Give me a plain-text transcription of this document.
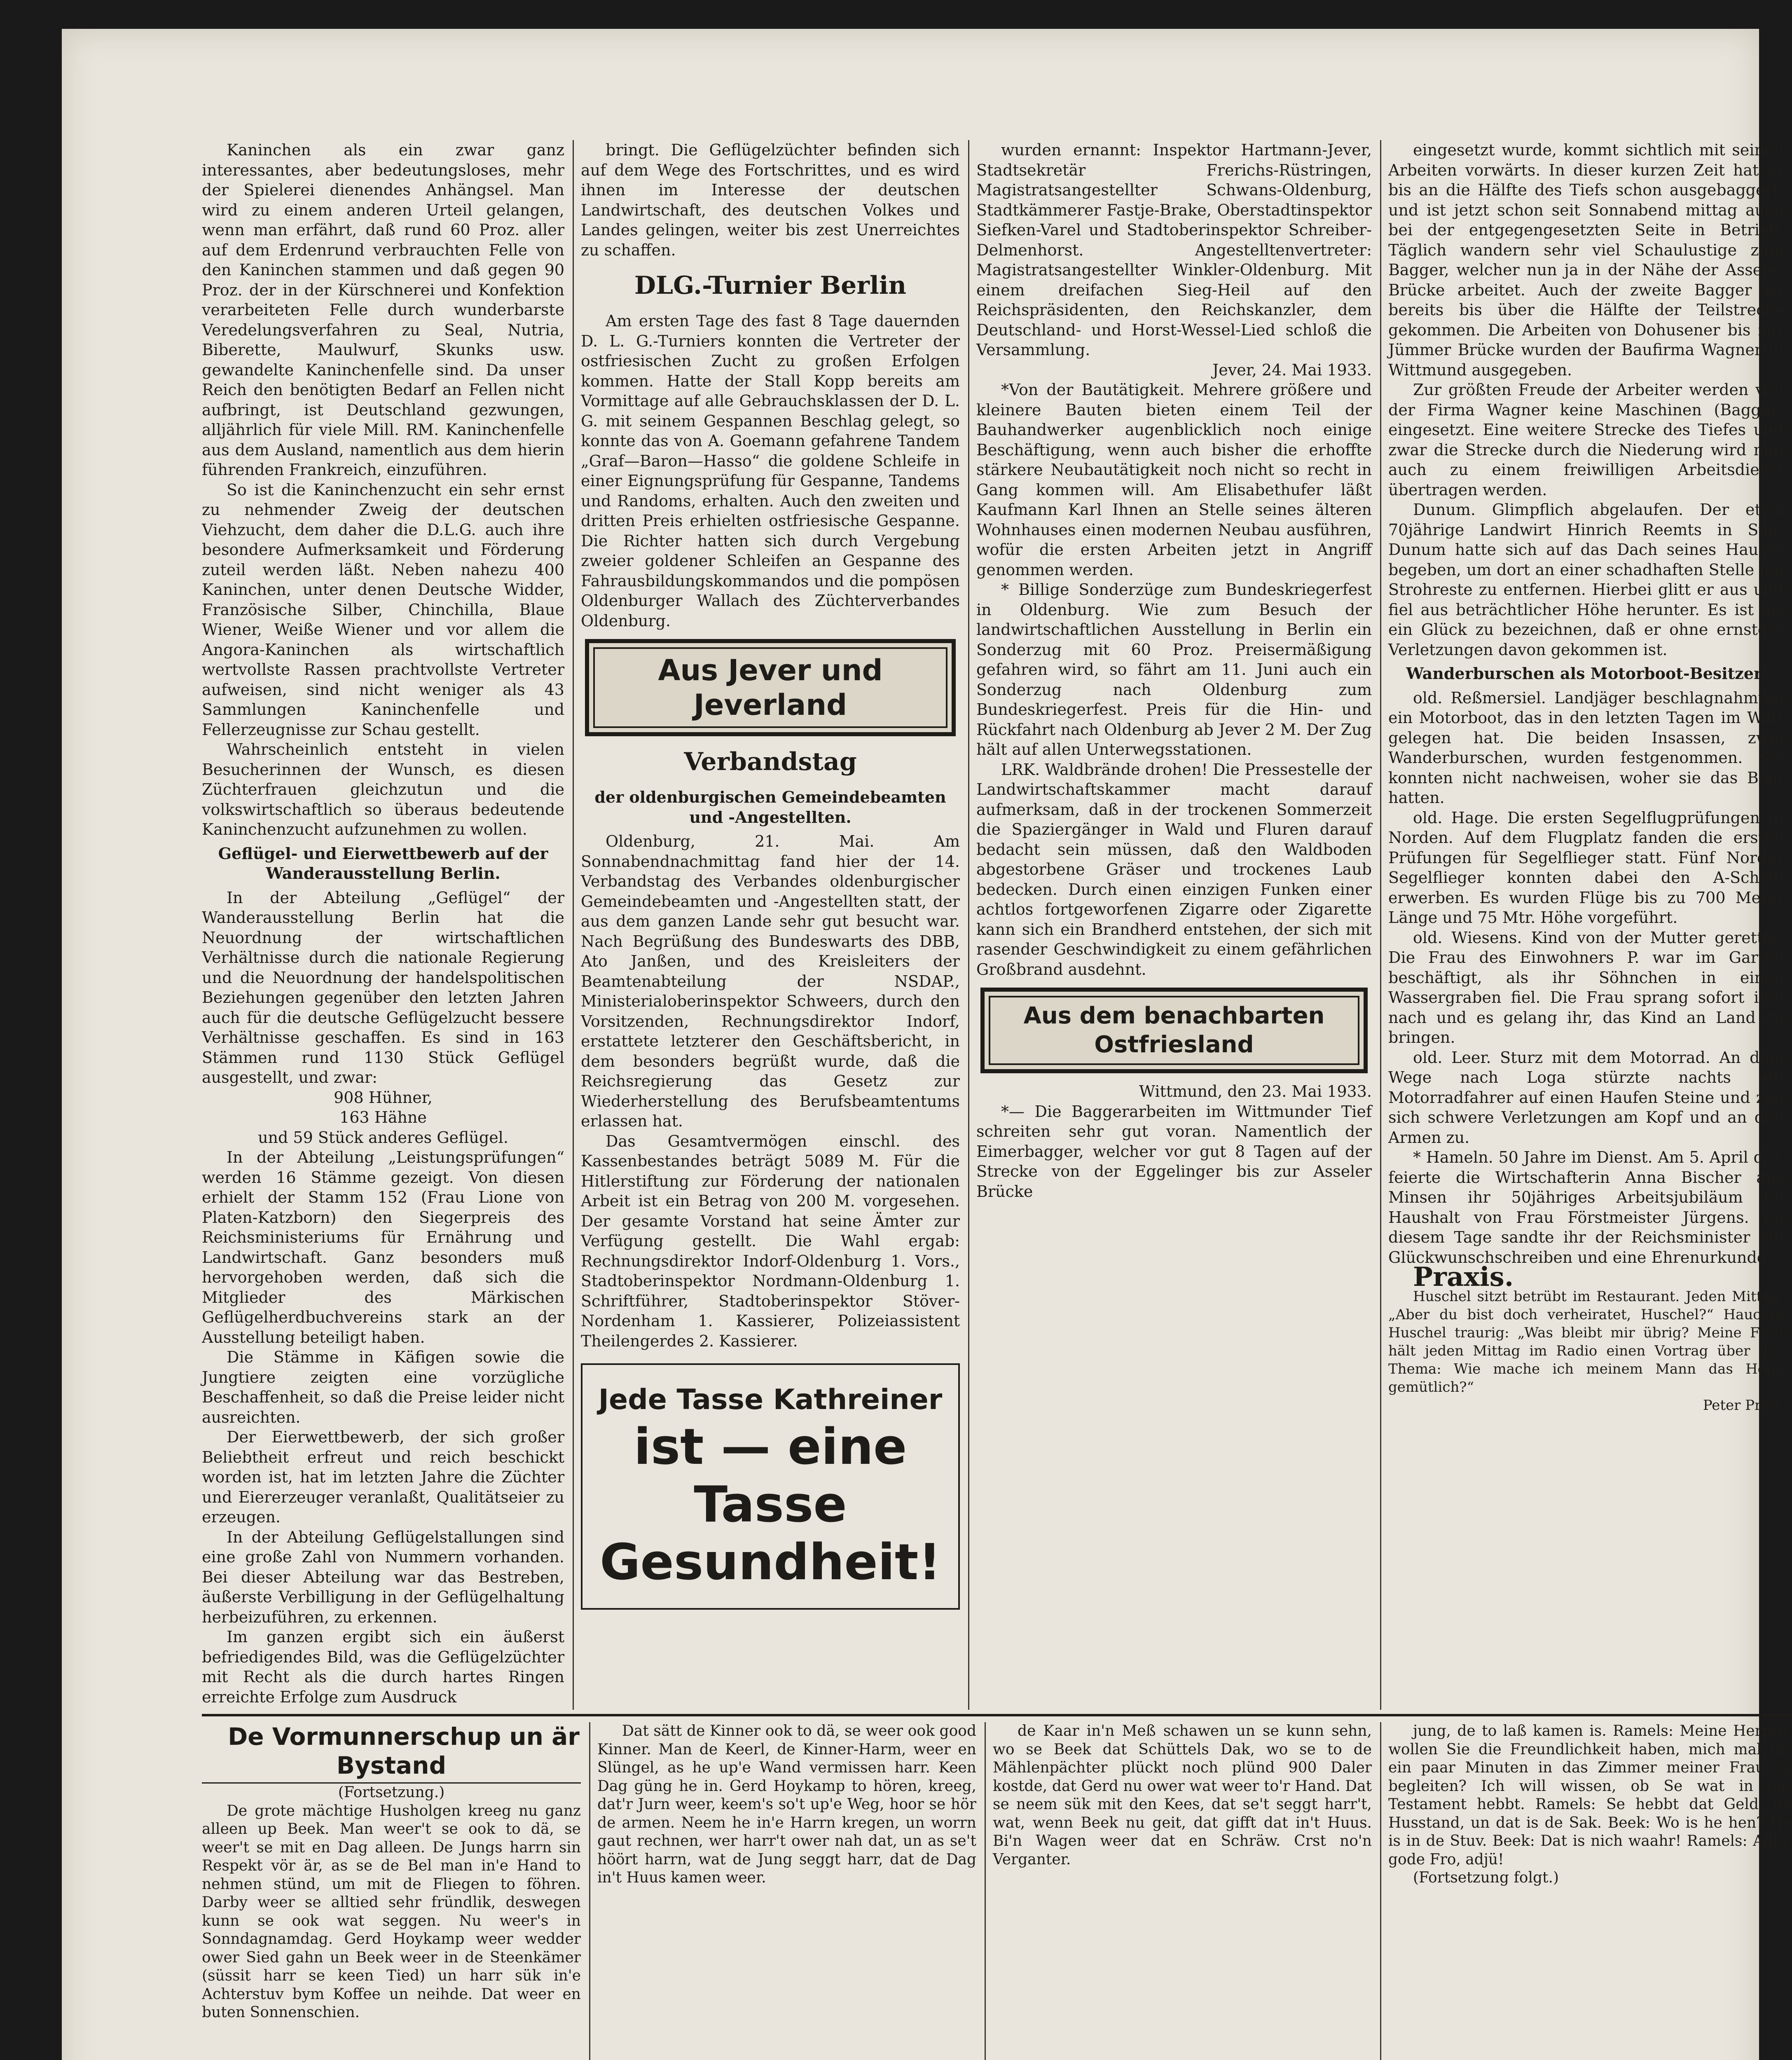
Kaninchen als ein zwar ganz interessantes, aber bedeutungsloses, mehr der Spielerei dienendes Anhängsel. Man wird zu einem anderen Urteil gelangen, wenn man erfährt, daß rund 60 Proz. aller auf dem Erdenrund verbrauchten Felle von den Kaninchen stammen und daß gegen 90 Proz. der in der Kürschnerei und Konfektion verarbeiteten Felle durch wunderbarste Veredelungsverfahren zu Seal, Nutria, Biberette, Maulwurf, Skunks usw. gewandelte Kaninchenfelle sind. Da unser Reich den benötigten Bedarf an Fellen nicht aufbringt, ist Deutschland gezwungen, alljährlich für viele Mill. RM. Kaninchenfelle aus dem Ausland, namentlich aus dem hierin führenden Frankreich, einzuführen.

So ist die Kaninchenzucht ein sehr ernst zu nehmender Zweig der deutschen Viehzucht, dem daher die D.L.G. auch ihre besondere Aufmerksamkeit und Förderung zuteil werden läßt. Neben nahezu 400 Kaninchen, unter denen Deutsche Widder, Französische Silber, Chinchilla, Blaue Wiener, Weiße Wiener und vor allem die Angora-Kaninchen als wirtschaftlich wertvollste Rassen prachtvollste Vertreter aufweisen, sind nicht weniger als 43 Sammlungen Kaninchenfelle und Fellerzeugnisse zur Schau gestellt.

Wahrscheinlich entsteht in vielen Besucherinnen der Wunsch, es diesen Züchterfrauen gleichzutun und die volkswirtschaftlich so überaus bedeutende Kaninchenzucht aufzunehmen zu wollen.

Geflügel- und Eierwettbewerb auf der Wanderausstellung Berlin.

In der Abteilung „Geflügel“ der Wanderausstellung Berlin hat die Neuordnung der wirtschaftlichen Verhältnisse durch die nationale Regierung und die Neuordnung der handelspolitischen Beziehungen gegenüber den letzten Jahren auch für die deutsche Geflügelzucht bessere Verhältnisse geschaffen. Es sind in 163 Stämmen rund 1130 Stück Geflügel ausgestellt, und zwar:

908 Hühner,

163 Hähne

und 59 Stück anderes Geflügel.

In der Abteilung „Leistungsprüfungen“ werden 16 Stämme gezeigt. Von diesen erhielt der Stamm 152 (Frau Lione von Platen-Katzborn) den Siegerpreis des Reichsministeriums für Ernährung und Landwirtschaft. Ganz besonders muß hervorgehoben werden, daß sich die Mitglieder des Märkischen Geflügelherdbuchvereins stark an der Ausstellung beteiligt haben.

Die Stämme in Käfigen sowie die Jungtiere zeigten eine vorzügliche Beschaffenheit, so daß die Preise leider nicht ausreichten.

Der Eierwettbewerb, der sich großer Beliebtheit erfreut und reich beschickt worden ist, hat im letzten Jahre die Züchter und Eiererzeuger veranlaßt, Qualitätseier zu erzeugen.

In der Abteilung Geflügelstallungen sind eine große Zahl von Nummern vorhanden. Bei dieser Abteilung war das Bestreben, äußerste Verbilligung in der Geflügelhaltung herbeizuführen, zu erkennen.

Im ganzen ergibt sich ein äußerst befriedigendes Bild, was die Geflügelzüchter mit Recht als die durch hartes Ringen erreichte Erfolge zum Ausdruck

bringt. Die Geflügelzüchter befinden sich auf dem Wege des Fortschrittes, und es wird ihnen im Interesse der deutschen Landwirtschaft, des deutschen Volkes und Landes gelingen, weiter bis zest Unerreichtes zu schaffen.

DLG.-Turnier Berlin

Am ersten Tage des fast 8 Tage dauernden D. L. G.-Turniers konnten die Vertreter der ostfriesischen Zucht zu großen Erfolgen kommen. Hatte der Stall Kopp bereits am Vormittage auf alle Gebrauchsklassen der D. L. G. mit seinem Gespannen Beschlag gelegt, so konnte das von A. Goemann gefahrene Tandem „Graf—Baron—Hasso“ die goldene Schleife in einer Eignungsprüfung für Gespanne, Tandems und Randoms, erhalten. Auch den zweiten und dritten Preis erhielten ostfriesische Gespanne. Die Richter hatten sich durch Vergebung zweier goldener Schleifen an Gespanne des Fahrausbildungskommandos und die pompösen Oldenburger Wallach des Züchterverbandes Oldenburg.

Aus Jever und Jeverland

Verbandstag

der oldenburgischen Gemeindebeamten und -Angestellten.

Oldenburg, 21. Mai. Am Sonnabendnachmittag fand hier der 14. Verbandstag des Verbandes oldenburgischer Gemeindebeamten und -Angestellten statt, der aus dem ganzen Lande sehr gut besucht war. Nach Begrüßung des Bundeswarts des DBB, Ato Janßen, und des Kreisleiters der Beamtenabteilung der NSDAP., Ministerialoberinspektor Schweers, durch den Vorsitzenden, Rechnungsdirektor Indorf, erstattete letzterer den Geschäftsbericht, in dem besonders begrüßt wurde, daß die Reichsregierung das Gesetz zur Wiederherstellung des Berufsbeamtentums erlassen hat.

Das Gesamtvermögen einschl. des Kassenbestandes beträgt 5089 M. Für die Hitlerstiftung zur Förderung der nationalen Arbeit ist ein Betrag von 200 M. vorgesehen. Der gesamte Vorstand hat seine Ämter zur Verfügung gestellt. Die Wahl ergab: Rechnungsdirektor Indorf-Oldenburg 1. Vors., Stadtoberinspektor Nordmann-Oldenburg 1. Schriftführer, Stadtoberinspektor Stöver-Nordenham 1. Kassierer, Polizeiassistent Theilengerdes 2. Kassierer.

Jede Tasse Kathreiner
ist — eine Tasse
Gesundheit!

wurden ernannt: Inspektor Hartmann-Jever, Stadtsekretär Frerichs-Rüstringen, Magistratsangestellter Schwans-Oldenburg, Stadtkämmerer Fastje-Brake, Oberstadtinspektor Siefken-Varel und Stadtoberinspektor Schreiber-Delmenhorst. Angestelltenvertreter: Magistratsangestellter Winkler-Oldenburg. Mit einem dreifachen Sieg-Heil auf den Reichspräsidenten, den Reichskanzler, dem Deutschland- und Horst-Wessel-Lied schloß die Versammlung.

Jever, 24. Mai 1933.

*Von der Bautätigkeit. Mehrere größere und kleinere Bauten bieten einem Teil der Bauhandwerker augenblicklich noch einige Beschäftigung, wenn auch bisher die erhoffte stärkere Neubautätigkeit noch nicht so recht in Gang kommen will. Am Elisabethufer läßt Kaufmann Karl Ihnen an Stelle seines älteren Wohnhauses einen modernen Neubau ausführen, wofür die ersten Arbeiten jetzt in Angriff genommen werden.

* Billige Sonderzüge zum Bundeskriegerfest in Oldenburg. Wie zum Besuch der landwirtschaftlichen Ausstellung in Berlin ein Sonderzug mit 60 Proz. Preisermäßigung gefahren wird, so fährt am 11. Juni auch ein Sonderzug nach Oldenburg zum Bundeskriegerfest. Preis für die Hin- und Rückfahrt nach Oldenburg ab Jever 2 M. Der Zug hält auf allen Unterwegsstationen.

LRK. Waldbrände drohen! Die Pressestelle der Landwirtschaftskammer macht darauf aufmerksam, daß in der trockenen Sommerzeit die Spaziergänger in Wald und Fluren darauf bedacht sein müssen, daß den Waldboden abgestorbene Gräser und trockenes Laub bedecken. Durch einen einzigen Funken einer achtlos fortgeworfenen Zigarre oder Zigarette kann sich ein Brandherd entstehen, der sich mit rasender Geschwindigkeit zu einem gefährlichen Großbrand ausdehnt.

Aus dem benachbarten Ostfriesland

Wittmund, den 23. Mai 1933.

*— Die Baggerarbeiten im Wittmunder Tief schreiten sehr gut voran. Namentlich der Eimerbagger, welcher vor gut 8 Tagen auf der Strecke von der Eggelinger bis zur Asseler Brücke

eingesetzt wurde, kommt sichtlich mit seinen Arbeiten vorwärts. In dieser kurzen Zeit hat er bis an die Hälfte des Tiefs schon ausgebaggert, und ist jetzt schon seit Sonnabend mittag auch bei der entgegengesetzten Seite in Betrieb. Täglich wandern sehr viel Schaulustige zum Bagger, welcher nun ja in der Nähe der Asseler Brücke arbeitet. Auch der zweite Bagger ist bereits bis über die Hälfte der Teilstrecke gekommen. Die Arbeiten von Dohusener bis zur Jümmer Brücke wurden der Baufirma Wagner in Wittmund ausgegeben.

Zur größten Freude der Arbeiter werden von der Firma Wagner keine Maschinen (Bagger) eingesetzt. Eine weitere Strecke des Tiefes und zwar die Strecke durch die Niederung wird nun auch zu einem freiwilligen Arbeitsdienst übertragen werden.

Dunum. Glimpflich abgelaufen. Der etwa 70jährige Landwirt Hinrich Reemts in Süd-Dunum hatte sich auf das Dach seines Hauses begeben, um dort an einer schadhaften Stelle die Strohreste zu entfernen. Hierbei glitt er aus und fiel aus beträchtlicher Höhe herunter. Es ist als ein Glück zu bezeichnen, daß er ohne ernstere Verletzungen davon gekommen ist.

Wanderburschen als Motorboot-Besitzer.

old. Reßmersiel. Landjäger beschlagnahmten ein Motorboot, das in den letzten Tagen im Watt gelegen hat. Die beiden Insassen, zwei Wanderburschen, wurden festgenommen. Sie konnten nicht nachweisen, woher sie das Boot hatten.

old. Hage. Die ersten Segelflugprüfungen in Norden. Auf dem Flugplatz fanden die ersten Prüfungen für Segelflieger statt. Fünf Norder Segelflieger konnten dabei den A-Schein erwerben. Es wurden Flüge bis zu 700 Meter Länge und 75 Mtr. Höhe vorgeführt.

old. Wiesens. Kind von der Mutter gerettet. Die Frau des Einwohners P. war im Garten beschäftigt, als ihr Söhnchen in einen Wassergraben fiel. Die Frau sprang sofort ihm nach und es gelang ihr, das Kind an Land zu bringen.

old. Leer. Sturz mit dem Motorrad. An dem Wege nach Loga stürzte nachts ein Motorradfahrer auf einen Haufen Steine und zog sich schwere Verletzungen am Kopf und an den Armen zu.

* Hameln. 50 Jahre im Dienst. Am 5. April d. J. feierte die Wirtschafterin Anna Bischer aus Minsen ihr 50jähriges Arbeitsjubiläum im Haushalt von Frau Förstmeister Jürgens. Zu diesem Tage sandte ihr der Reichsminister ein Glückwunschschreiben und eine Ehrenurkunde.

Praxis.

Huschel sitzt betrübt im Restaurant. Jeden Mittag. „Aber du bist doch verheiratet, Huschel?“ Hauchte Huschel traurig: „Was bleibt mir übrig? Meine Frau hält jeden Mittag im Radio einen Vortrag über das Thema: Wie mache ich meinem Mann das Heim gemütlich?“

Peter Prior.

De Vormunnerschup un är Bystand

(Fortsetzung.)

De grote mächtige Husholgen kreeg nu ganz alleen up Beek. Man weer't se ook to dä, se weer't se mit en Dag alleen. De Jungs harrn sin Respekt vör är, as se de Bel man in'e Hand to nehmen stünd, um mit de Fliegen to föhren. Darby weer se alltied sehr fründlik, deswegen kunn se ook wat seggen. Nu weer's in Sonndagnamdag. Gerd Hoykamp weer wedder ower Sied gahn un Beek weer in de Steenkämer (süssit harr se keen Tied) un harr sük in'e Achterstuv bym Koffee un neihde. Dat weer en buten Sonnenschien.

Dat sätt de Kinner ook to dä, se weer ook good Kinner. Man de Keerl, de Kinner-Harm, weer en Slüngel, as he up'e Wand vermissen harr. Keen Dag güng he in. Gerd Hoykamp to hören, kreeg, dat'r Jurn weer, keem's so't up'e Weg, hoor se hör de armen. Neem he in'e Harrn kregen, un worrn gaut rechnen, wer harr't ower nah dat, un as se't höört harrn, wat de Jung seggt harr, dat de Dag in't Huus kamen weer.

de Kaar in'n Meß schawen un se kunn sehn, wo se Beek dat Schüttels Dak, wo se to de Mählenpächter plückt noch plünd 900 Daler kostde, dat Gerd nu ower wat weer to'r Hand. Dat se neem sük mit den Kees, dat se't seggt harr't, wat, wenn Beek nu geit, dat gifft dat in't Huus. Bi'n Wagen weer dat en Schräw. Crst no'n Verganter.

jung, de to laß kamen is. Ramels: Meine Herren, wollen Sie die Freundlichkeit haben, mich mal für ein paar Minuten in das Zimmer meiner Frau zu begleiten? Ich will wissen, ob Se wat in dat Testament hebbt. Ramels: Se hebbt dat Geld, de Husstand, un dat is de Sak. Beek: Wo is he hen? He is in de Stuv. Beek: Dat is nich waahr! Ramels: Adjü, gode Fro, adjü!

(Fortsetzung folgt.)
